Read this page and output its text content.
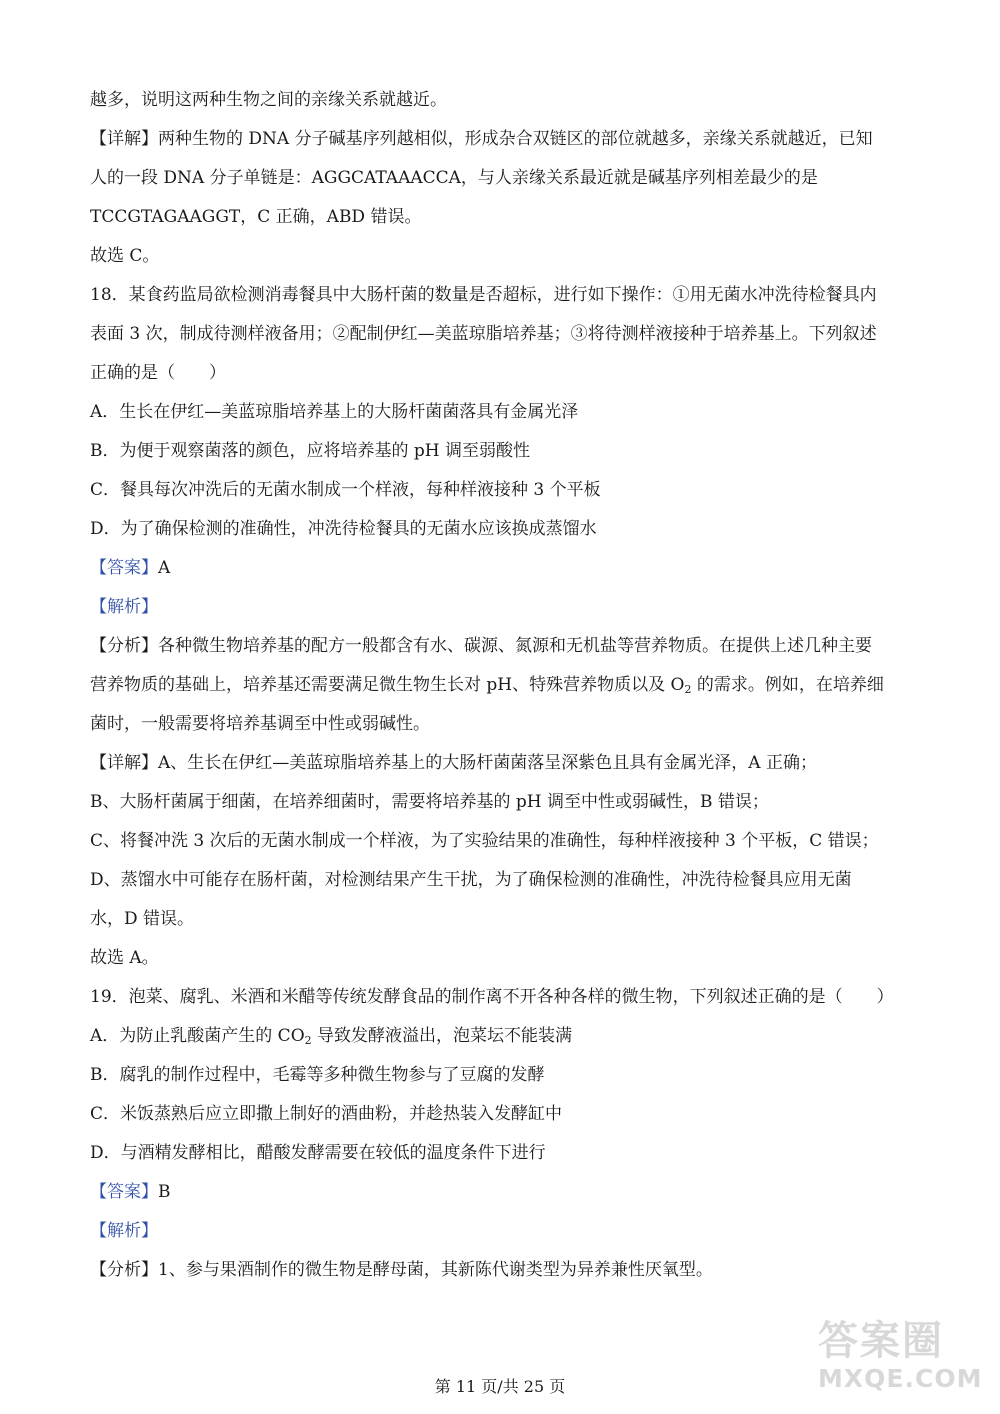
越多，说明这两种生物之间的亲缘关系就越近。
【详解】两种生物的 DNA 分子碱基序列越相似，形成杂合双链区的部位就越多，亲缘关系就越近，已知
人的一段 DNA 分子单链是：AGGCATAAACCA，与人亲缘关系最近就是碱基序列相差最少的是
TCCGTAGAAGGT，C 正确，ABD 错误。
故选 C。
18．某食药监局欲检测消毒餐具中大肠杆菌的数量是否超标，进行如下操作：①用无菌水冲洗待检餐具内
表面 3 次，制成待测样液备用；②配制伊红—美蓝琼脂培养基；③将待测样液接种于培养基上。下列叙述
正确的是（　　）
A．生长在伊红—美蓝琼脂培养基上的大肠杆菌菌落具有金属光泽
B．为便于观察菌落的颜色，应将培养基的 pH 调至弱酸性
C．餐具每次冲洗后的无菌水制成一个样液，每种样液接种 3 个平板
D．为了确保检测的准确性，冲洗待检餐具的无菌水应该换成蒸馏水
【答案】A
【解析】
【分析】各种微生物培养基的配方一般都含有水、碳源、氮源和无机盐等营养物质。在提供上述几种主要
营养物质的基础上，培养基还需要满足微生物生长对 pH、特殊营养物质以及 $O_2$ 的需求。例如，在培养细
菌时，一般需要将培养基调至中性或弱碱性。
【详解】A、生长在伊红—美蓝琼脂培养基上的大肠杆菌菌落呈深紫色且具有金属光泽，A 正确；
B、大肠杆菌属于细菌，在培养细菌时，需要将培养基的 pH 调至中性或弱碱性，B 错误；
C、将餐冲洗 3 次后的无菌水制成一个样液，为了实验结果的准确性，每种样液接种 3 个平板，C 错误；
D、蒸馏水中可能存在肠杆菌，对检测结果产生干扰，为了确保检测的准确性，冲洗待检餐具应用无菌
水，D 错误。
故选 A。
19．泡菜、腐乳、米酒和米醋等传统发酵食品的制作离不开各种各样的微生物，下列叙述正确的是（　　）
A．为防止乳酸菌产生的 $CO_2$ 导致发酵液溢出，泡菜坛不能装满
B．腐乳的制作过程中，毛霉等多种微生物参与了豆腐的发酵
C．米饭蒸熟后应立即撒上制好的酒曲粉，并趁热装入发酵缸中
D．与酒精发酵相比，醋酸发酵需要在较低的温度条件下进行
【答案】B
【解析】
【分析】1、参与果酒制作的微生物是酵母菌，其新陈代谢类型为异养兼性厌氧型。
第 11 页/共 25 页
答案圈
MXQE.COM
